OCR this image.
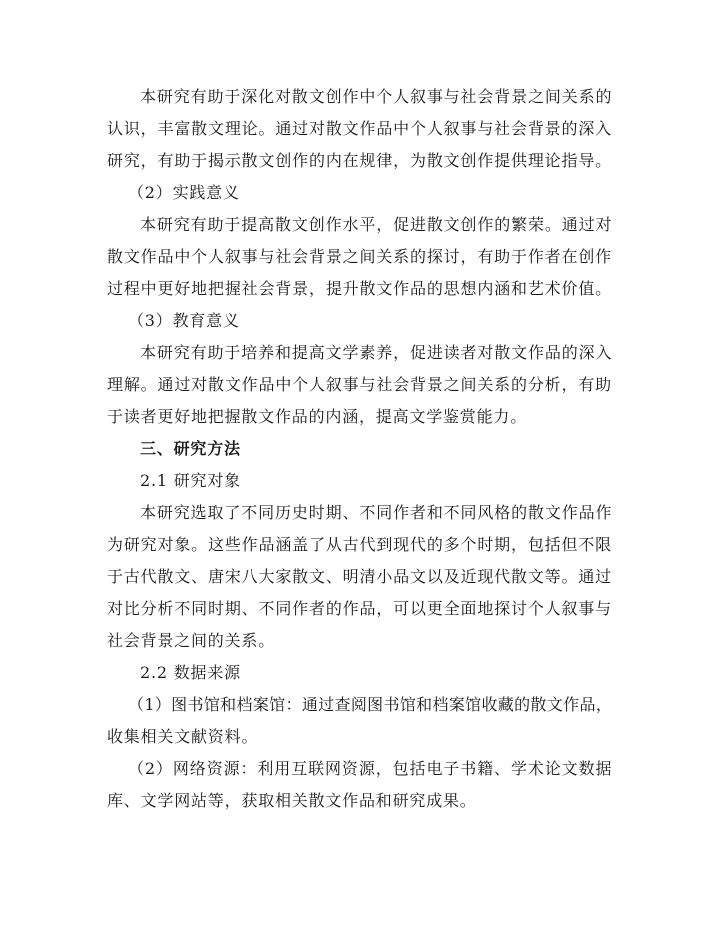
本研究有助于深化对散文创作中个人叙事与社会背景之间关系的
认识，丰富散文理论。通过对散文作品中个人叙事与社会背景的深入
研究，有助于揭示散文创作的内在规律，为散文创作提供理论指导。
（2）实践意义
本研究有助于提高散文创作水平，促进散文创作的繁荣。通过对
散文作品中个人叙事与社会背景之间关系的探讨，有助于作者在创作
过程中更好地把握社会背景，提升散文作品的思想内涵和艺术价值。
（3）教育意义
本研究有助于培养和提高文学素养，促进读者对散文作品的深入
理解。通过对散文作品中个人叙事与社会背景之间关系的分析，有助
于读者更好地把握散文作品的内涵，提高文学鉴赏能力。
三、研究方法
2.1 研究对象
本研究选取了不同历史时期、不同作者和不同风格的散文作品作
为研究对象。这些作品涵盖了从古代到现代的多个时期，包括但不限
于古代散文、唐宋八大家散文、明清小品文以及近现代散文等。通过
对比分析不同时期、不同作者的作品，可以更全面地探讨个人叙事与
社会背景之间的关系。
2.2 数据来源
（1）图书馆和档案馆：通过查阅图书馆和档案馆收藏的散文作品，
收集相关文献资料。
（2）网络资源：利用互联网资源，包括电子书籍、学术论文数据
库、文学网站等，获取相关散文作品和研究成果。
